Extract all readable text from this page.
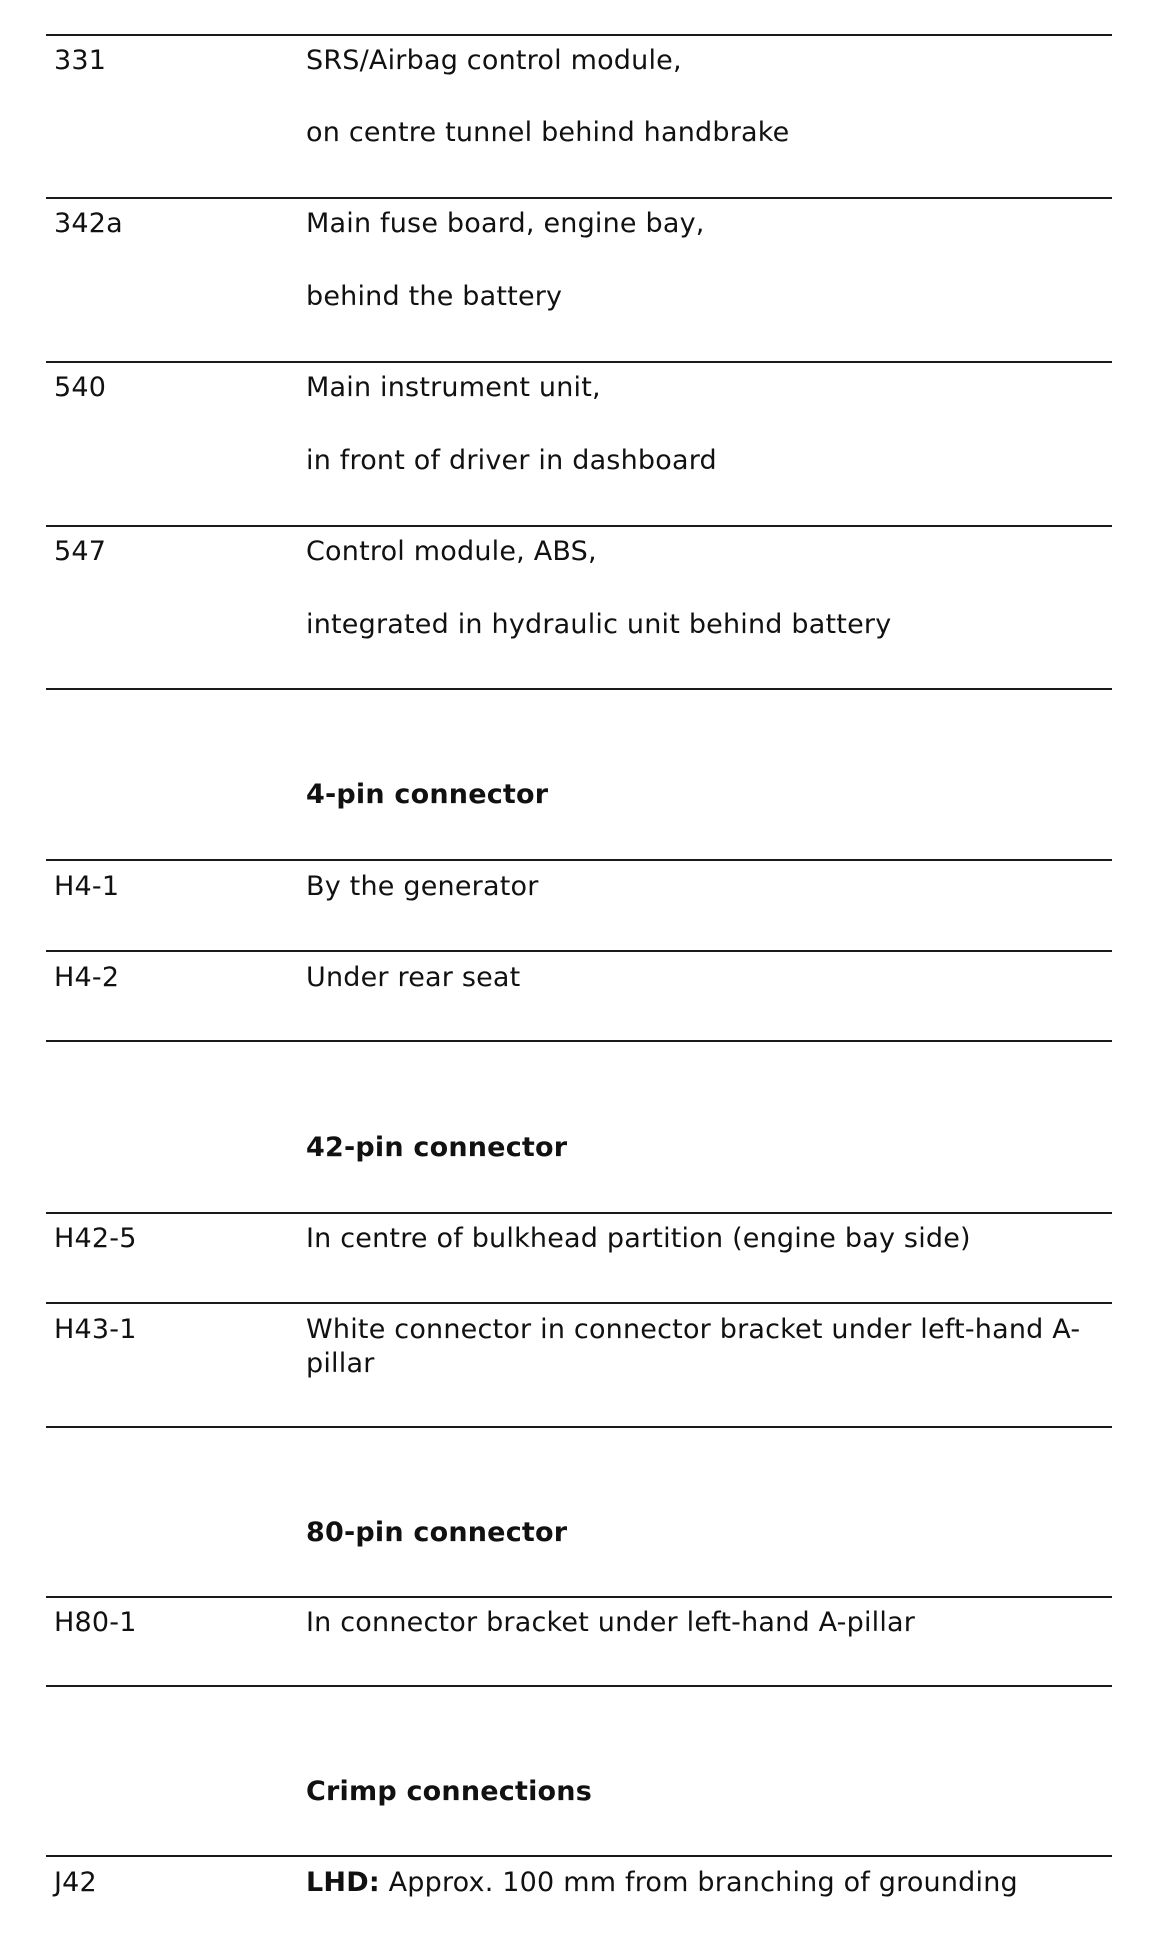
331	SRS/Airbag control module,
on centre tunnel behind handbrake
342a	Main fuse board, engine bay,
behind the battery
540	Main instrument unit,
in front of driver in dashboard
547	Control module, ABS,
integrated in hydraulic unit behind battery
4-pin connector
H4-1	By the generator
H4-2	Under rear seat
42-pin connector
H42-5	In centre of bulkhead partition (engine bay side)
H43-1	White connector in connector bracket under left-hand A-pillar
80-pin connector
H80-1	In connector bracket under left-hand A-pillar
Crimp connections
J42	LHD: Approx. 100 mm from branching of grounding
